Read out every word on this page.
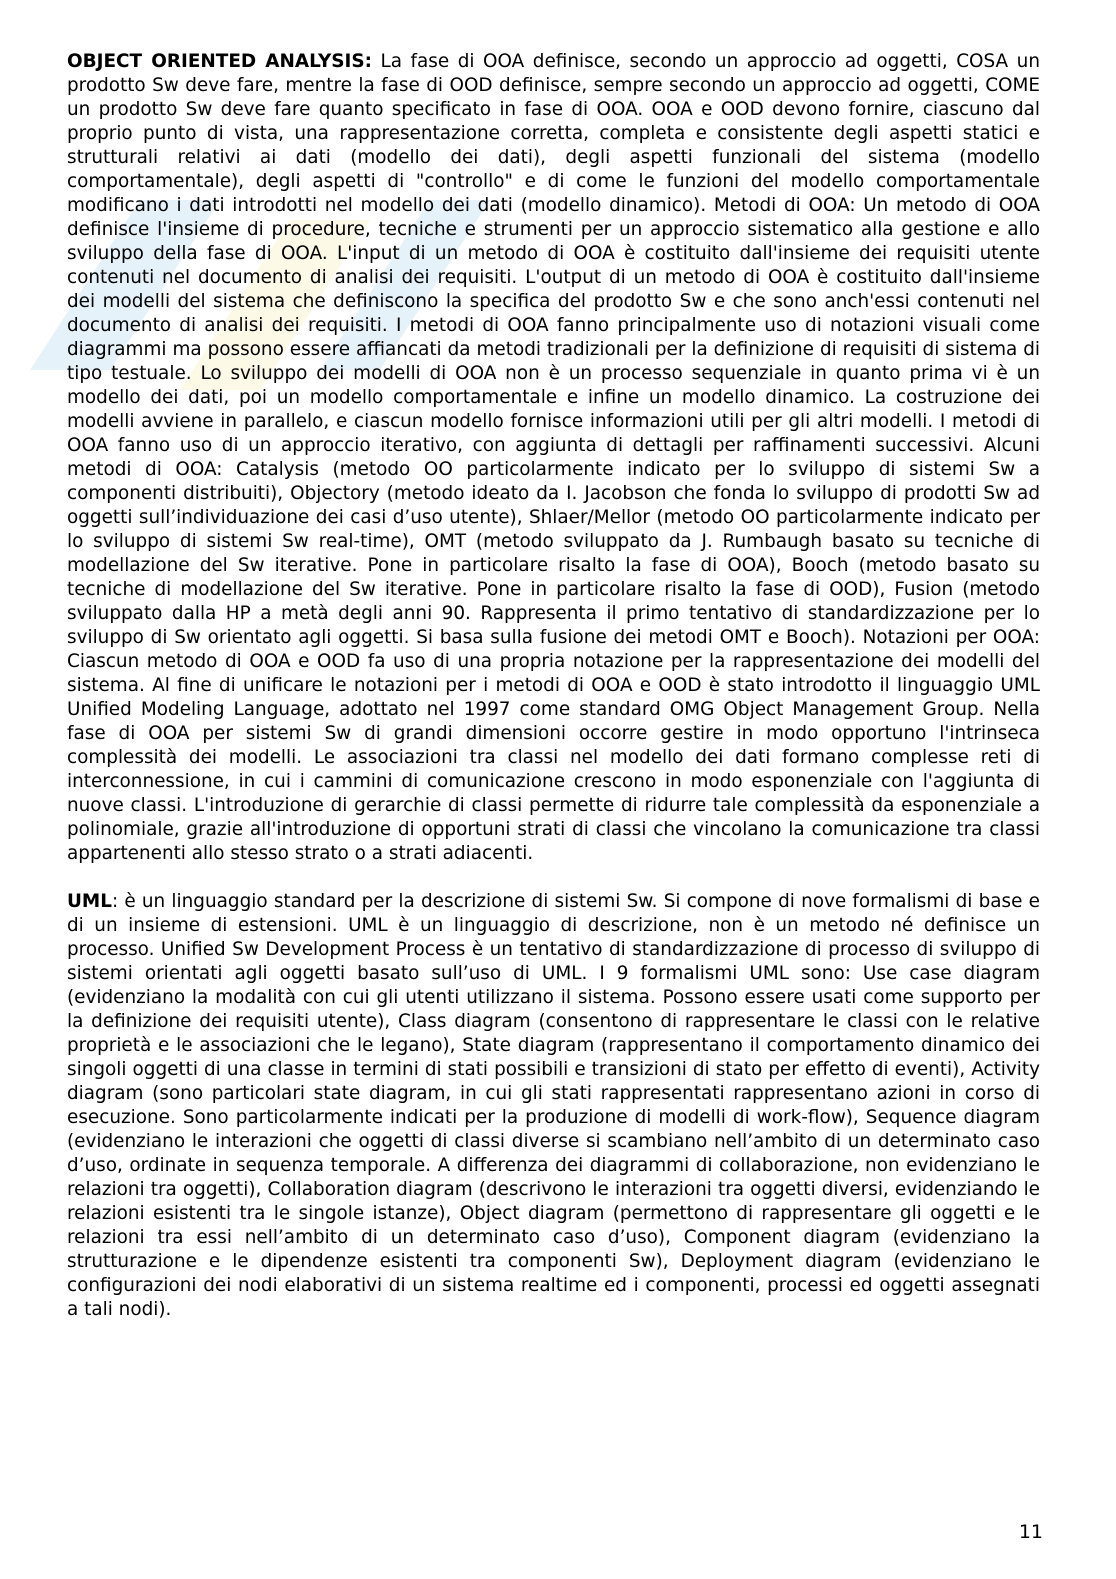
OBJECT ORIENTED ANALYSIS: La fase di OOA definisce, secondo un approccio ad oggetti, COSA un prodotto Sw deve fare, mentre la fase di OOD definisce, sempre secondo un approccio ad oggetti, COME un prodotto Sw deve fare quanto specificato in fase di OOA. OOA e OOD devono fornire, ciascuno dal proprio punto di vista, una rappresentazione corretta, completa e consistente degli aspetti statici e strutturali relativi ai dati (modello dei dati), degli aspetti funzionali del sistema (modello comportamentale), degli aspetti di "controllo" e di come le funzioni del modello comportamentale modificano i dati introdotti nel modello dei dati (modello dinamico). Metodi di OOA: Un metodo di OOA definisce l'insieme di procedure, tecniche e strumenti per un approccio sistematico alla gestione e allo sviluppo della fase di OOA. L'input di un metodo di OOA è costituito dall'insieme dei requisiti utente contenuti nel documento di analisi dei requisiti. L'output di un metodo di OOA è costituito dall'insieme dei modelli del sistema che definiscono la specifica del prodotto Sw e che sono anch'essi contenuti nel documento di analisi dei requisiti. I metodi di OOA fanno principalmente uso di notazioni visuali come diagrammi ma possono essere affiancati da metodi tradizionali per la definizione di requisiti di sistema di tipo testuale. Lo sviluppo dei modelli di OOA non è un processo sequenziale in quanto prima vi è un modello dei dati, poi un modello comportamentale e infine un modello dinamico. La costruzione dei modelli avviene in parallelo, e ciascun modello fornisce informazioni utili per gli altri modelli. I metodi di OOA fanno uso di un approccio iterativo, con aggiunta di dettagli per raffinamenti successivi. Alcuni metodi di OOA: Catalysis (metodo OO particolarmente indicato per lo sviluppo di sistemi Sw a componenti distribuiti), Objectory (metodo ideato da I. Jacobson che fonda lo sviluppo di prodotti Sw ad oggetti sull’individuazione dei casi d’uso utente), Shlaer/Mellor (metodo OO particolarmente indicato per lo sviluppo di sistemi Sw real-time), OMT (metodo sviluppato da J. Rumbaugh basato su tecniche di modellazione del Sw iterative. Pone in particolare risalto la fase di OOA), Booch (metodo basato su tecniche di modellazione del Sw iterative. Pone in particolare risalto la fase di OOD), Fusion (metodo sviluppato dalla HP a metà degli anni 90. Rappresenta il primo tentativo di standardizzazione per lo sviluppo di Sw orientato agli oggetti. Si basa sulla fusione dei metodi OMT e Booch). Notazioni per OOA: Ciascun metodo di OOA e OOD fa uso di una propria notazione per la rappresentazione dei modelli del sistema. Al fine di unificare le notazioni per i metodi di OOA e OOD è stato introdotto il linguaggio UML Unified Modeling Language, adottato nel 1997 come standard OMG Object Management Group. Nella fase di OOA per sistemi Sw di grandi dimensioni occorre gestire in modo opportuno l'intrinseca complessità dei modelli. Le associazioni tra classi nel modello dei dati formano complesse reti di interconnessione, in cui i cammini di comunicazione crescono in modo esponenziale con l'aggiunta di nuove classi. L'introduzione di gerarchie di classi permette di ridurre tale complessità da esponenziale a polinomiale, grazie all'introduzione di opportuni strati di classi che vincolano la comunicazione tra classi appartenenti allo stesso strato o a strati adiacenti.

UML: è un linguaggio standard per la descrizione di sistemi Sw. Si compone di nove formalismi di base e di un insieme di estensioni. UML è un linguaggio di descrizione, non è un metodo né definisce un processo. Unified Sw Development Process è un tentativo di standardizzazione di processo di sviluppo di sistemi orientati agli oggetti basato sull’uso di UML. I 9 formalismi UML sono: Use case diagram (evidenziano la modalità con cui gli utenti utilizzano il sistema. Possono essere usati come supporto per la definizione dei requisiti utente), Class diagram (consentono di rappresentare le classi con le relative proprietà e le associazioni che le legano), State diagram (rappresentano il comportamento dinamico dei singoli oggetti di una classe in termini di stati possibili e transizioni di stato per effetto di eventi), Activity diagram (sono particolari state diagram, in cui gli stati rappresentati rappresentano azioni in corso di esecuzione. Sono particolarmente indicati per la produzione di modelli di work-flow), Sequence diagram (evidenziano le interazioni che oggetti di classi diverse si scambiano nell’ambito di un determinato caso d’uso, ordinate in sequenza temporale. A differenza dei diagrammi di collaborazione, non evidenziano le relazioni tra oggetti), Collaboration diagram (descrivono le interazioni tra oggetti diversi, evidenziando le relazioni esistenti tra le singole istanze), Object diagram (permettono di rappresentare gli oggetti e le relazioni tra essi nell’ambito di un determinato caso d’uso), Component diagram (evidenziano la strutturazione e le dipendenze esistenti tra componenti Sw), Deployment diagram (evidenziano le configurazioni dei nodi elaborativi di un sistema realtime ed i componenti, processi ed oggetti assegnati a tali nodi).

11
